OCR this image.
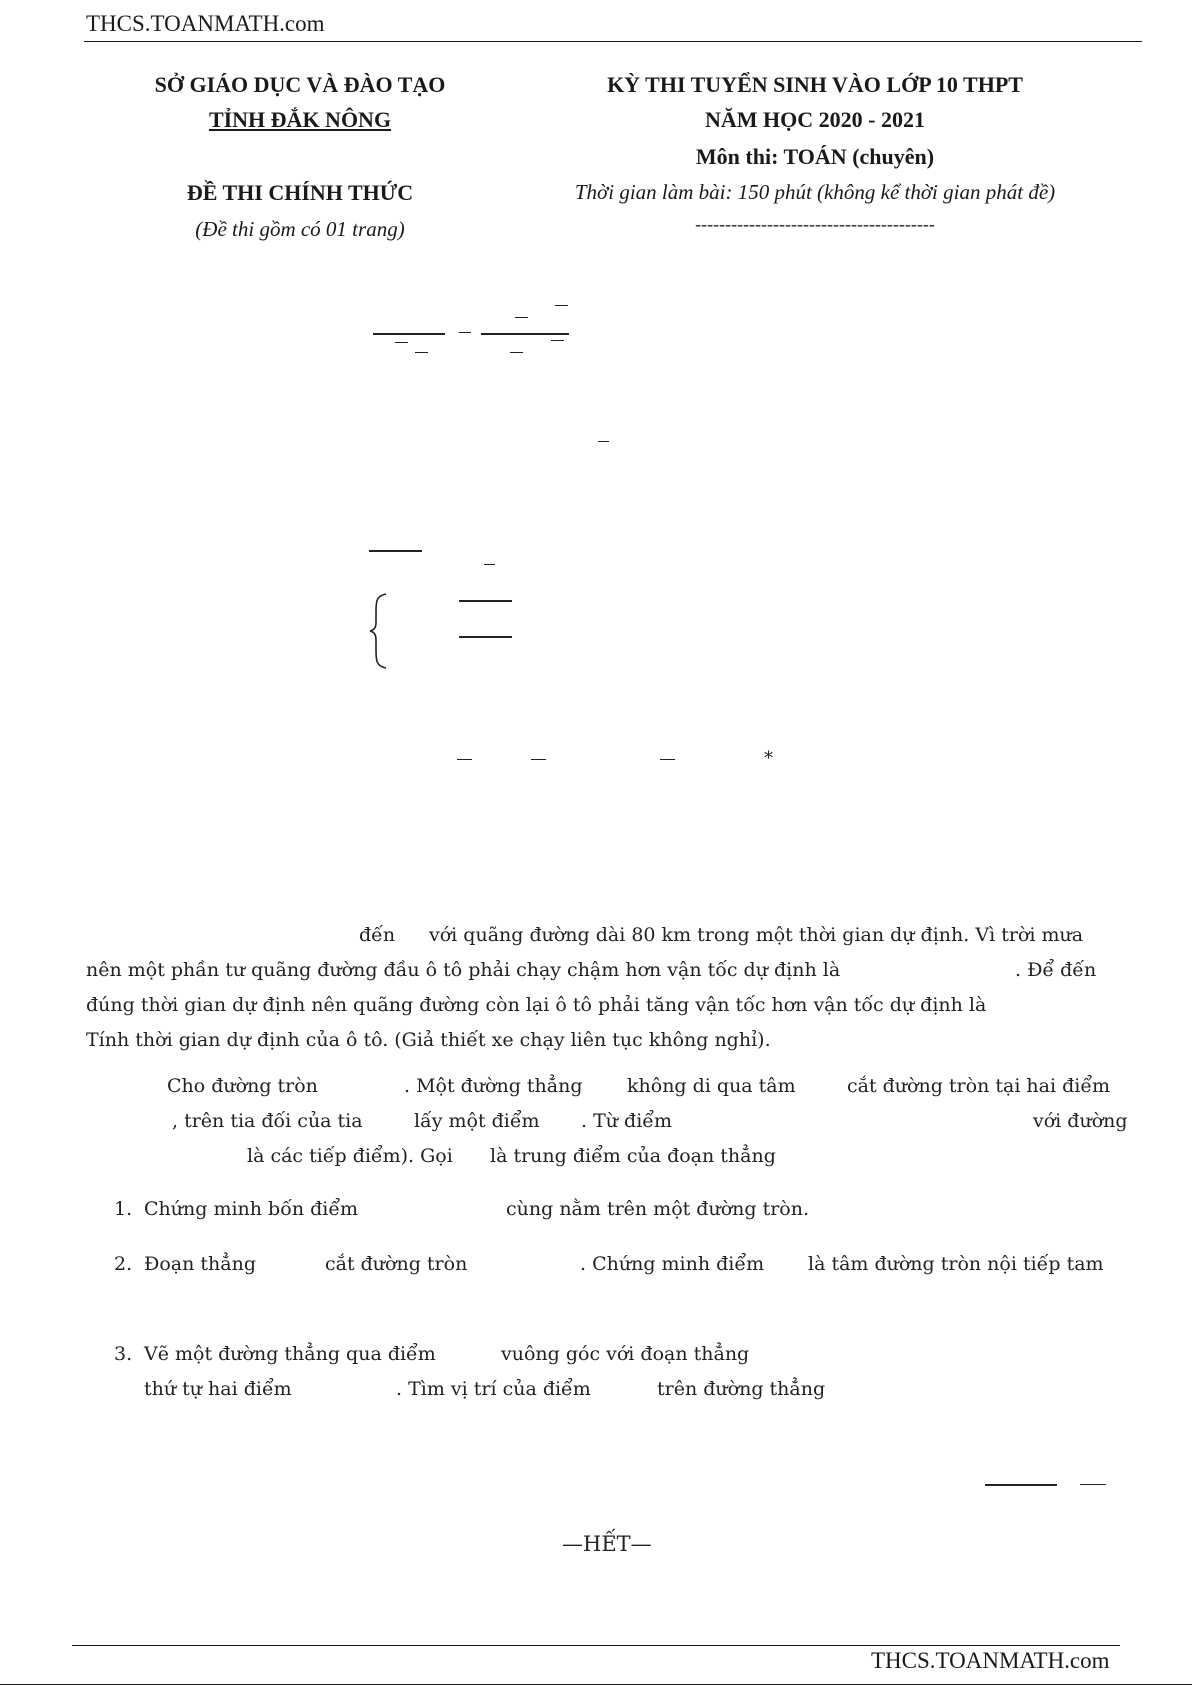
THCS.TOANMATH.com
SỞ GIÁO DỤC VÀ ĐÀO TẠO
TỈNH ĐẮK NÔNG
ĐỀ THI CHÍNH THỨC
(Đề thi gồm có 01 trang)
KỲ THI TUYỂN SINH VÀO LỚP 10 THPT
NĂM HỌC 2020 - 2021
Môn thi: TOÁN (chuyên)
Thời gian làm bài: 150 phút (không kể thời gian phát đề)
----------------------------------------
*
đến với quãng đường dài 80 km trong một thời gian dự định. Vì trời mưa
nên một phần tư quãng đường đầu ô tô phải chạy chậm hơn vận tốc dự định là	. Để đến
đúng thời gian dự định nên quãng đường còn lại ô tô phải tăng vận tốc hơn vận tốc dự định là
Tính thời gian dự định của ô tô. (Giả thiết xe chạy liên tục không nghỉ).
Cho đường tròn	. Một đường thẳng không di qua tâm	cắt đường tròn tại hai điểm
, trên tia đối của tia	lấy một điểm . Từ điểm	với đường
là các tiếp điểm). Gọi là trung điểm của đoạn thẳng
1. Chứng minh bốn điểm	cùng nằm trên một đường tròn.
2. Đoạn thẳng	cắt đường tròn	. Chứng minh điểm là tâm đường tròn nội tiếp tam
3. Vẽ một đường thẳng qua điểm	vuông góc với đoạn thẳng
thứ tự hai điểm	. Tìm vị trí của điểm	trên đường thẳng
—HẾT—
THCS.TOANMATH.com
